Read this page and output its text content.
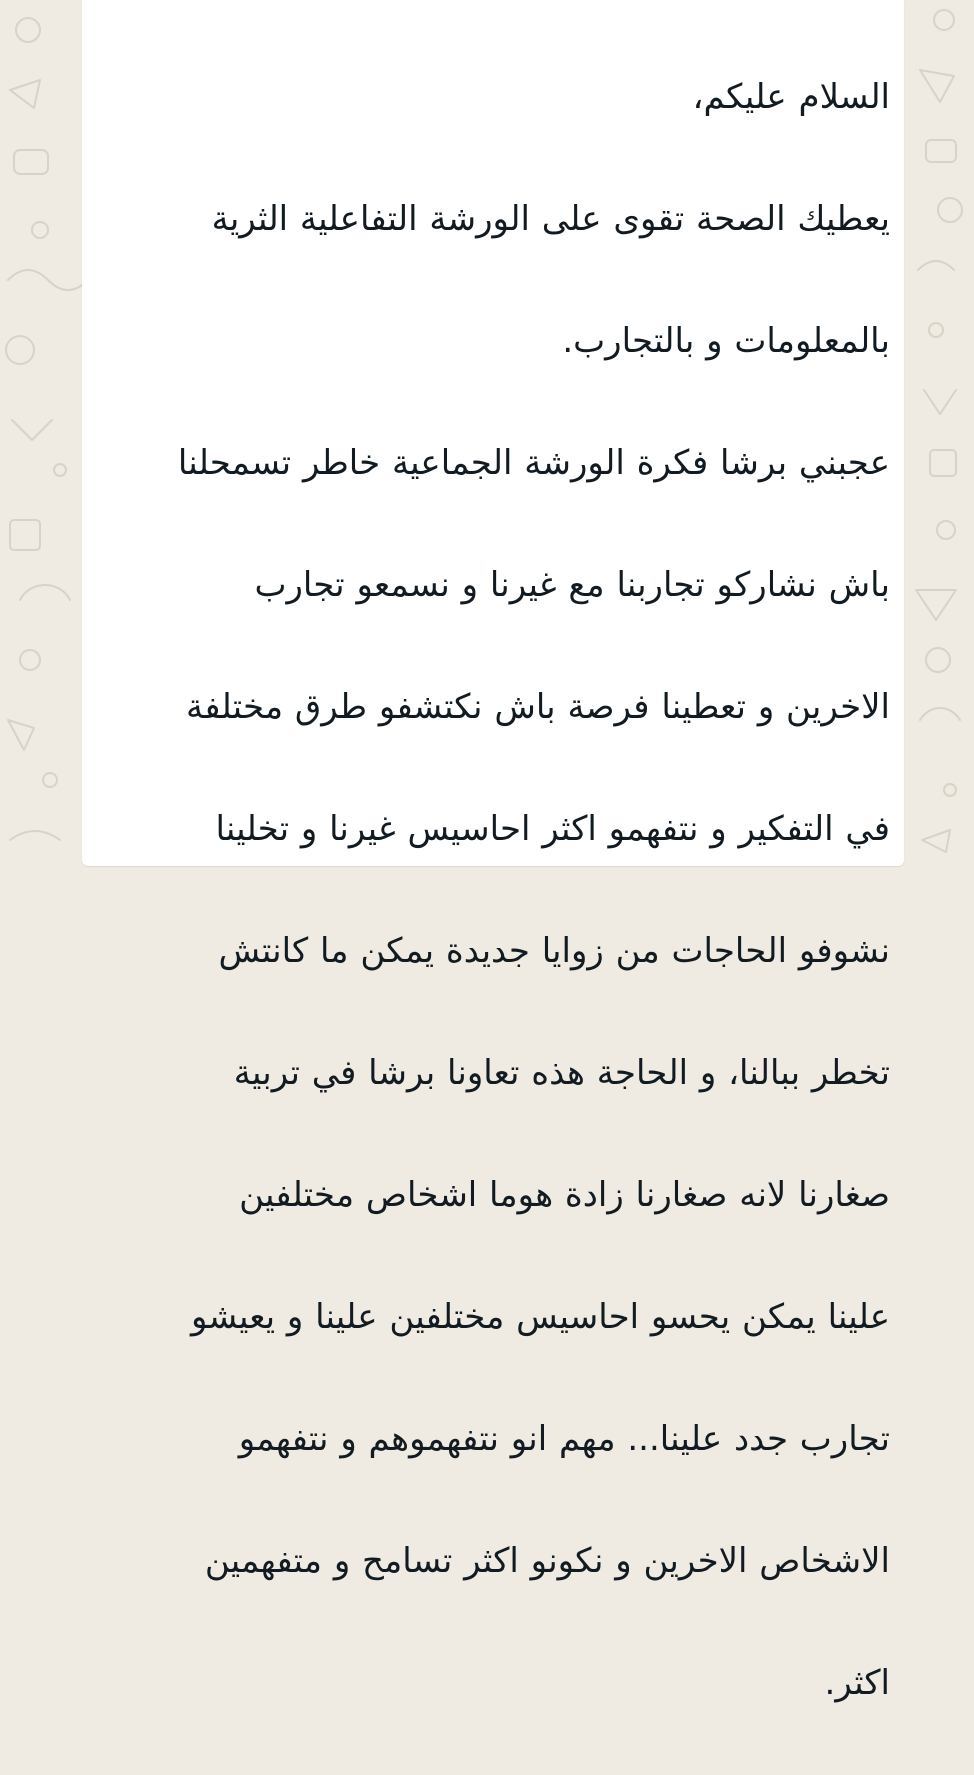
السلام عليكم،

يعطيك الصحة تقوى على الورشة التفاعلية الثرية

بالمعلومات و بالتجارب.

عجبني برشا فكرة الورشة الجماعية خاطر تسمحلنا

باش نشاركو تجاربنا مع غيرنا و نسمعو تجارب

الاخرين و تعطينا فرصة باش نكتشفو طرق مختلفة

في التفكير و نتفهمو اكثر احاسيس غيرنا و تخلينا

نشوفو الحاجات من زوايا جديدة يمكن ما كانتش

تخطر ببالنا، و الحاجة هذه تعاونا برشا في تربية

صغارنا لانه صغارنا زادة هوما اشخاص مختلفين

علينا يمكن يحسو احاسيس مختلفين علينا و يعيشو

تجارب جدد علينا... مهم انو نتفهموهم و نتفهمو

الاشخاص الاخرين و نكونو اكثر تسامح و متفهمين

اكثر.
